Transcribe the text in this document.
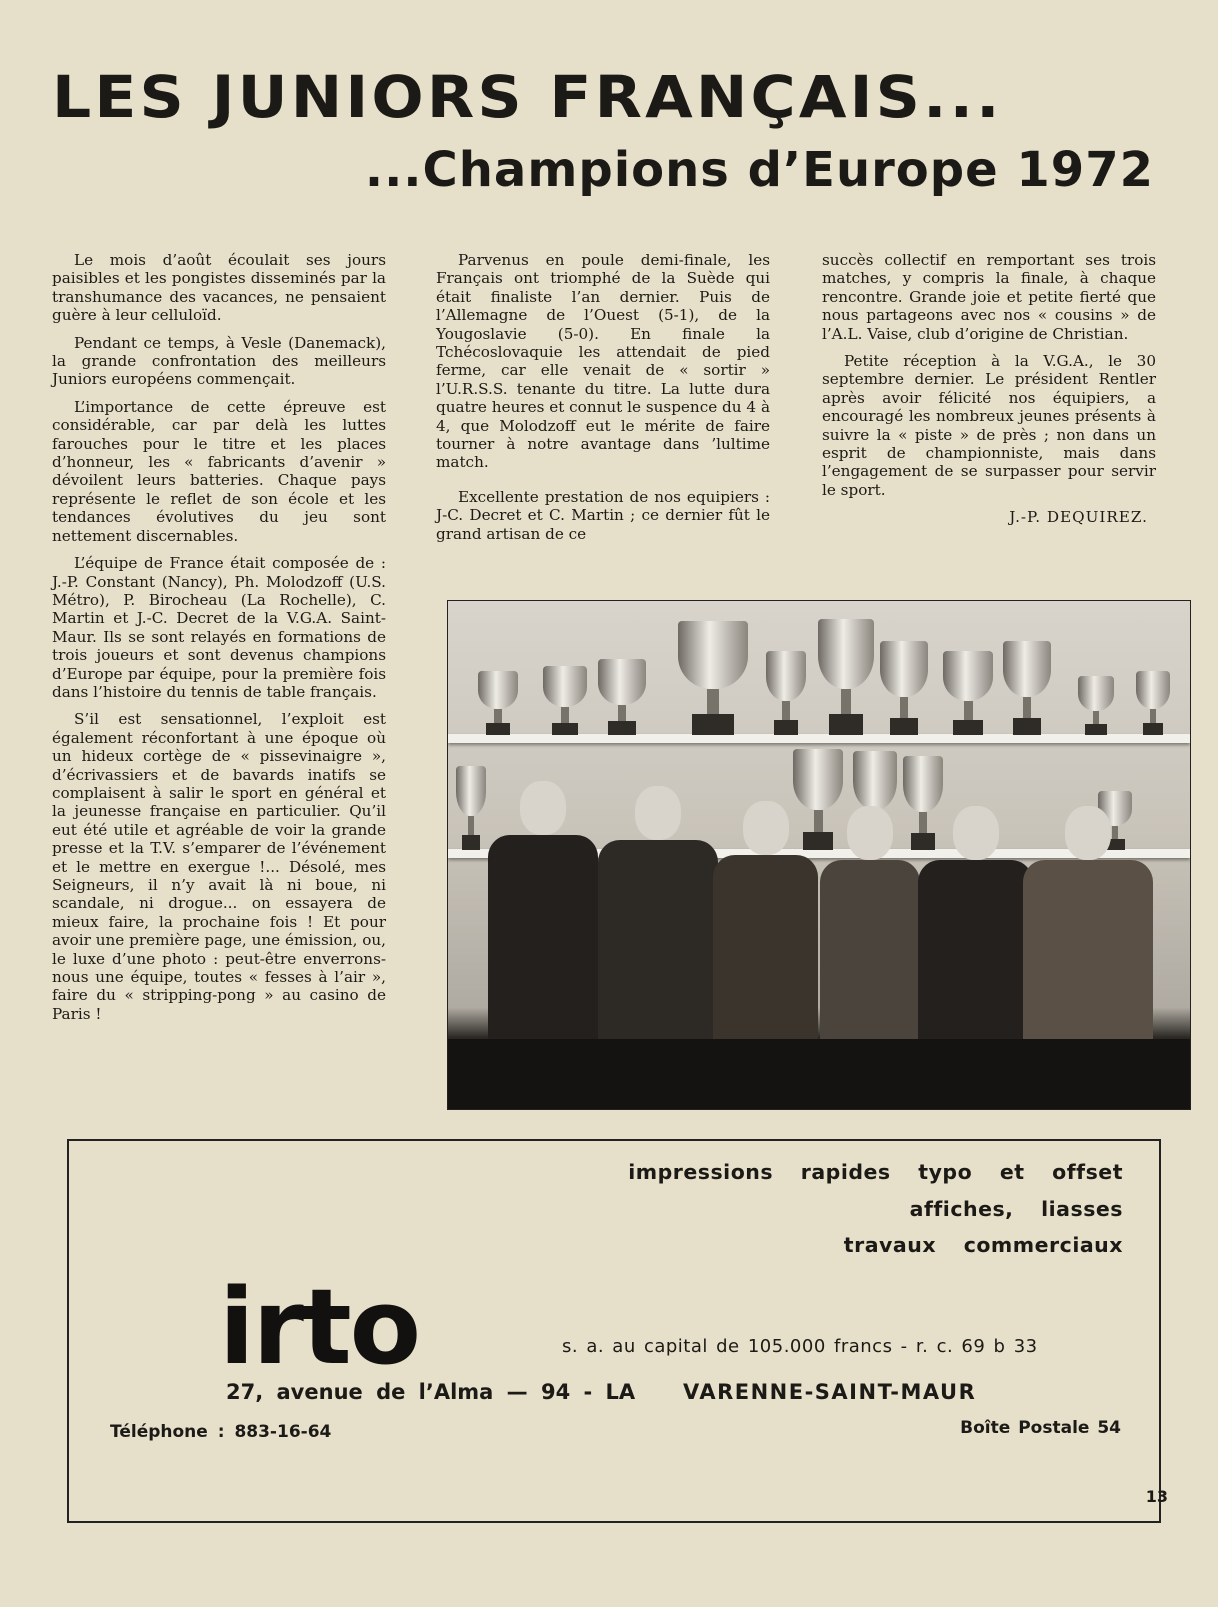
LES JUNIORS FRANÇAIS...
...Champions d’Europe 1972

Le mois d’août écoulait ses jours paisibles et les pongistes disseminés par la transhumance des vacances, ne pensaient guère à leur celluloïd.

Pendant ce temps, à Vesle (Danemack), la grande confrontation des meilleurs Juniors européens commençait.

L’importance de cette épreuve est considérable, car par delà les luttes farouches pour le titre et les places d’honneur, les « fabricants d’avenir » dévoilent leurs batteries. Chaque pays représente le reflet de son école et les tendances évolutives du jeu sont nettement discernables.

L’équipe de France était composée de : J.-P. Constant (Nancy), Ph. Molodzoff (U.S. Métro), P. Birocheau (La Rochelle), C. Martin et J.-C. Decret de la V.G.A. Saint-Maur. Ils se sont relayés en formations de trois joueurs et sont devenus champions d’Europe par équipe, pour la première fois dans l’histoire du tennis de table français.

S’il est sensationnel, l’exploit est également réconfortant à une époque où un hideux cortège de « pissevinaigre », d’écrivassiers et de bavards inatifs se complaisent à salir le sport en général et la jeunesse française en particulier. Qu’il eut été utile et agréable de voir la grande presse et la T.V. s’emparer de l’événement et le mettre en exergue !... Désolé, mes Seigneurs, il n’y avait là ni boue, ni scandale, ni drogue... on essayera de mieux faire, la prochaine fois ! Et pour avoir une première page, une émission, ou, le luxe d’une photo : peut-être enverrons-nous une équipe, toutes « fesses à l’air », faire du « stripping-pong » au casino de Paris !

Parvenus en poule demi-finale, les Français ont triomphé de la Suède qui était finaliste l’an dernier. Puis de l’Allemagne de l’Ouest (5-1), de la Yougoslavie (5-0). En finale la Tchécoslovaquie les attendait de pied ferme, car elle venait de « sortir » l’U.R.S.S. tenante du titre. La lutte dura quatre heures et connut le suspence du 4 à 4, que Molodzoff eut le mérite de faire tourner à notre avantage dans ’lultime match.

Excellente prestation de nos equipiers : J-C. Decret et C. Martin ; ce dernier fût le grand artisan de ce

succès collectif en remportant ses trois matches, y compris la finale, à chaque rencontre. Grande joie et petite fierté que nous partageons avec nos « cousins » de l’A.L. Vaise, club d’origine de Christian.

Petite réception à la V.G.A., le 30 septembre dernier. Le président Rentler après avoir félicité nos équipiers, a encouragé les nombreux jeunes présents à suivre la « piste » de près ; non dans un esprit de championniste, mais dans l’engagement de se surpasser pour servir le sport.

J.-P. DEQUIREZ.
impressions rapides typo et offset
affiches, liasses
travaux commerciaux
irto	s. a. au capital de 105.000 francs - r. c. 69 b 33
27, avenue de l’Alma — 94 - LA VARENNE-SAINT-MAUR
Téléphone : 883-16-64	Boîte Postale 54
13
